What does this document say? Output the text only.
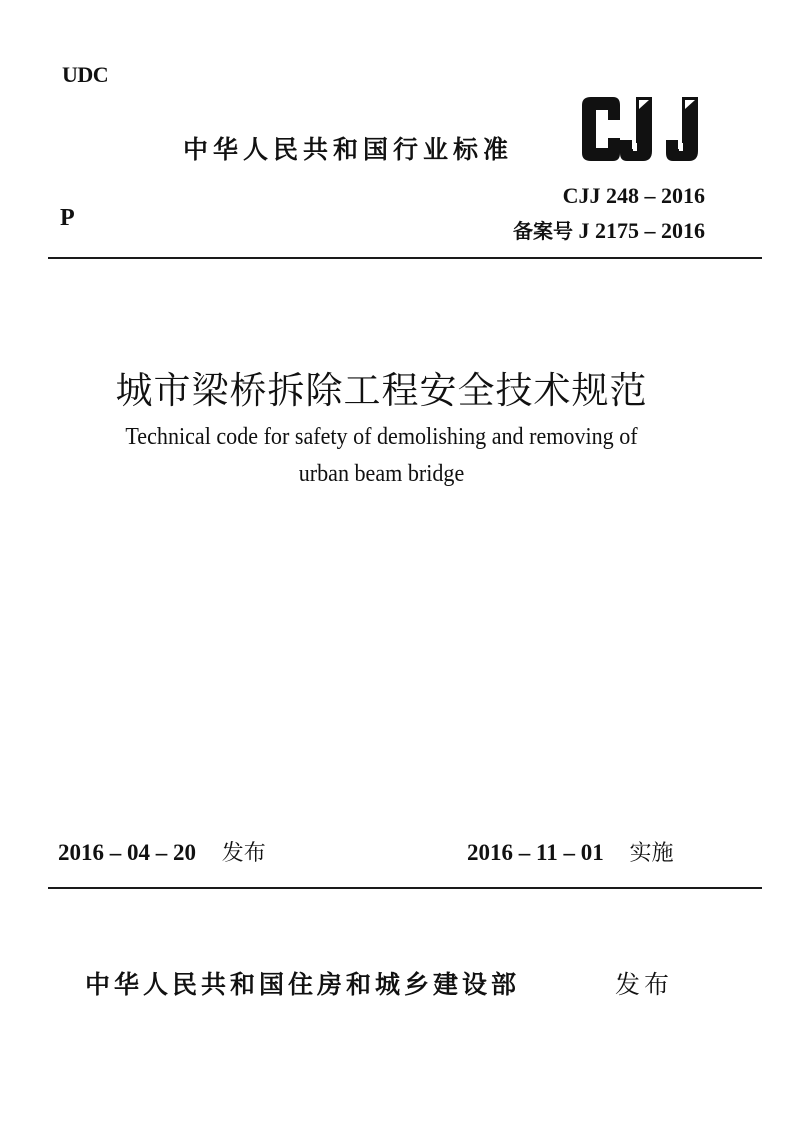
UDC
中华人民共和国行业标准
CJJ 248 – 2016
P	备案号 J 2175 – 2016
城市梁桥拆除工程安全技术规范
Technical code for safety of demolishing and removing of
urban beam bridge
2016 – 04 – 20 发布	2016 – 11 – 01 实施
中华人民共和国住房和城乡建设部	发布
